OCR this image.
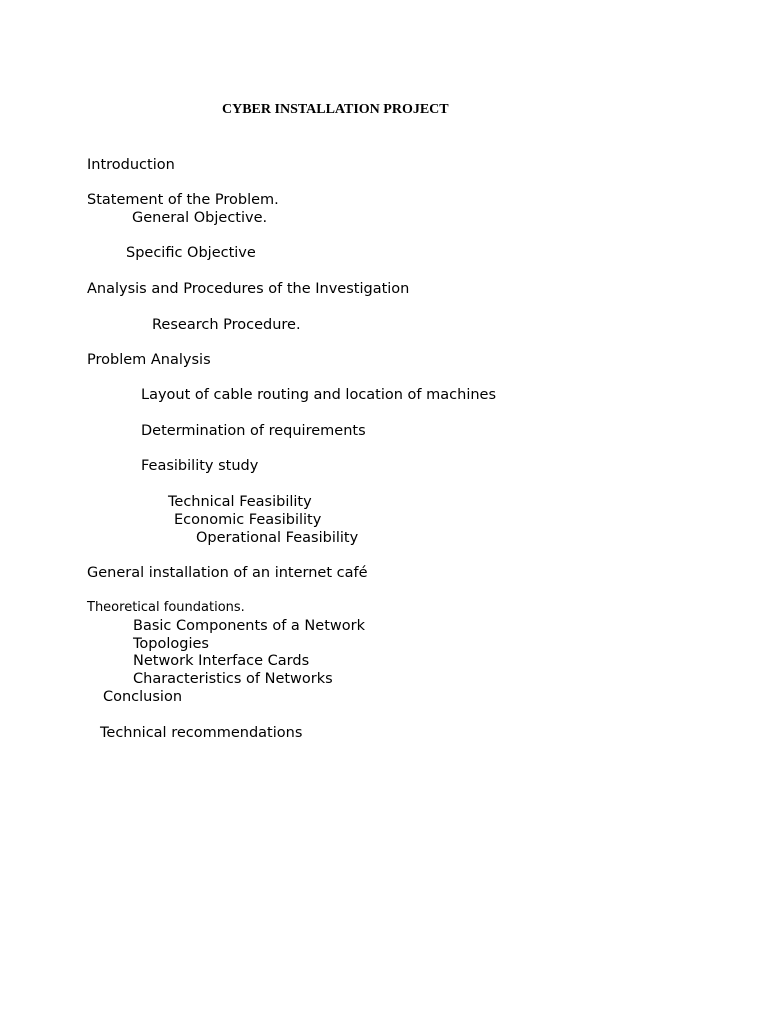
CYBER INSTALLATION PROJECT
Introduction
Statement of the Problem.
General Objective.
Specific Objective
Analysis and Procedures of the Investigation
Research Procedure.
Problem Analysis
Layout of cable routing and location of machines
Determination of requirements
Feasibility study
Technical Feasibility
Economic Feasibility
Operational Feasibility
General installation of an internet café
Theoretical foundations.
Basic Components of a Network
Topologies
Network Interface Cards
Characteristics of Networks
Conclusion
Technical recommendations
